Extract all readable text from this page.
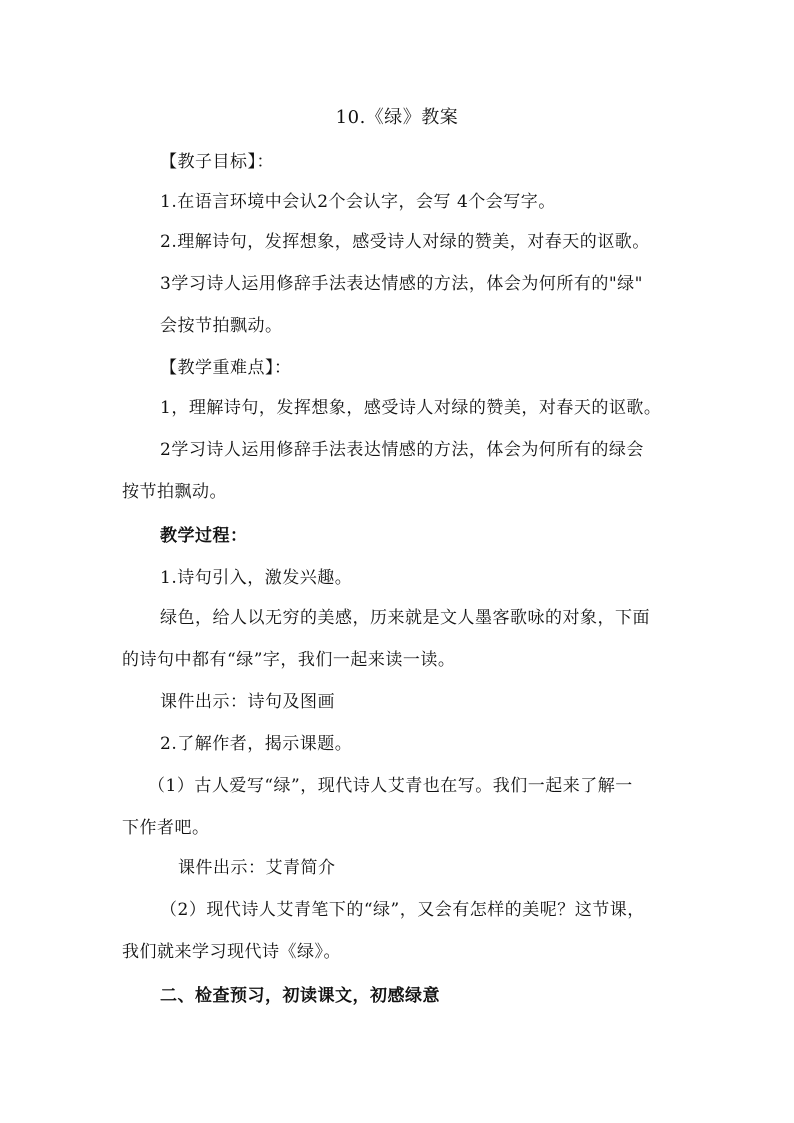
10.《绿》教案
【教子目标】：
1.在语言环境中会认2个会认字，会写 4个会写字。
2.理解诗句，发挥想象，感受诗人对绿的赞美，对春天的讴歌。
3学习诗人运用修辞手法表达情感的方法，体会为何所有的"绿"
会按节拍飘动。
【教学重难点】：
1，理解诗句，发挥想象，感受诗人对绿的赞美，对春天的讴歌。
2学习诗人运用修辞手法表达情感的方法，体会为何所有的绿会
按节拍飘动。
教学过程：
1.诗句引入，激发兴趣。
绿色，给人以无穷的美感，历来就是文人墨客歌咏的对象，下面
的诗句中都有“绿”字，我们一起来读一读。
课件出示：诗句及图画
2.了解作者，揭示课题。
（1）古人爱写“绿”，现代诗人艾青也在写。我们一起来了解一
下作者吧。
课件出示：艾青简介
（2）现代诗人艾青笔下的“绿”，又会有怎样的美呢？这节课，
我们就来学习现代诗《绿》。
二、检查预习，初读课文，初感绿意
